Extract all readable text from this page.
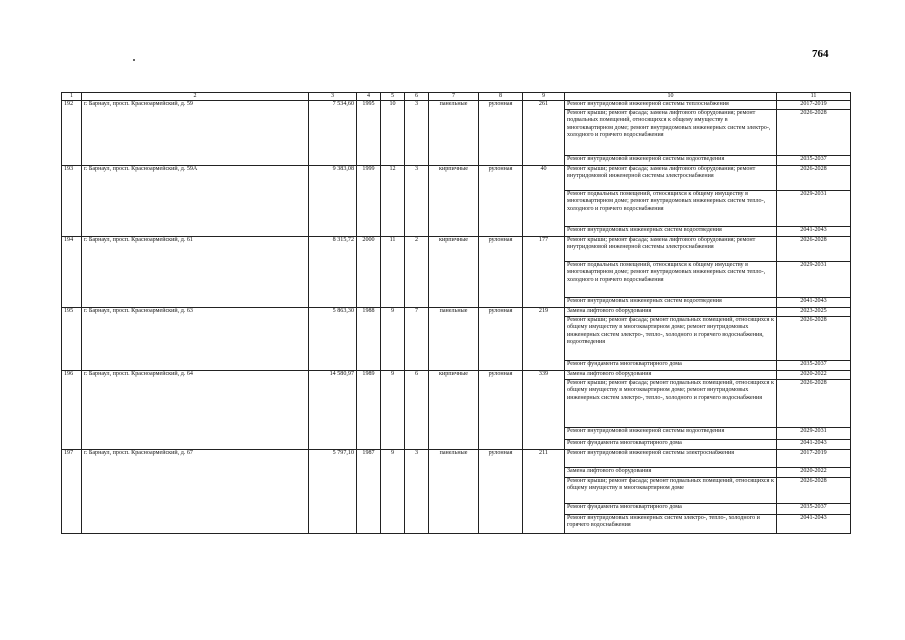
764
1	2	3	4	5	6	7	8	9	10	11
192	г. Барнаул, просп. Красноармейский, д. 59	7 534,60	1995	10	3	панельные	рулонная	261	Ремонт внутридомовой инженерной системы теплоснабжения	2017-2019
									Ремонт крыши; ремонт фасада; замена лифтового оборудования; ремонт подвальных помещений, относящихся к общему имуществу в многоквартирном доме; ремонт внутридомовых инженерных систем электро-, холодного и горячего водоснабжения	2026-2028
									Ремонт внутридомовой инженерной системы водоотведения	2035-2037
193	г. Барнаул, просп. Красноармейский, д. 59А	9 383,08	1999	12	3	кирпичные	рулонная	40	Ремонт крыши; ремонт фасада; замена лифтового оборудования; ремонт внутридомовой инженерной системы электроснабжения	2026-2028
									Ремонт подвальных помещений, относящихся к общему имуществу в многоквартирном доме; ремонт внутридомовых инженерных систем тепло-, холодного и горячего водоснабжения	2029-2031
									Ремонт внутридомовых инженерных систем водоотведения	2041-2043
194	г. Барнаул, просп. Красноармейский, д. 61	8 315,72	2000	11	2	кирпичные	рулонная	177	Ремонт крыши; ремонт фасада; замена лифтового оборудования; ремонт внутридомовой инженерной системы электроснабжения	2026-2028
									Ремонт подвальных помещений, относящихся к общему имуществу в многоквартирном доме; ремонт внутридомовых инженерных систем тепло-, холодного и горячего водоснабжения	2029-2031
									Ремонт внутридомовых инженерных систем водоотведения	2041-2043
195	г. Барнаул, просп. Красноармейский, д. 63	5 863,30	1988	9	7	панельные	рулонная	219	Замена лифтового оборудования	2023-2025
									Ремонт крыши; ремонт фасада; ремонт подвальных помещений, относящихся к общему имуществу в многоквартирном доме; ремонт внутридомовых инженерных систем электро-, тепло-, холодного и горячего водоснабжения, водоотведения	2026-2028
									Ремонт фундамента многоквартирного дома	2035-2037
196	г. Барнаул, просп. Красноармейский, д. 64	14 580,97	1989	9	6	кирпичные	рулонная	339	Замена лифтового оборудования	2020-2022
									Ремонт крыши; ремонт фасада; ремонт подвальных помещений, относящихся к общему имуществу в многоквартирном доме; ремонт внутридомовых инженерных систем электро-, тепло-, холодного и горячего водоснабжения	2026-2028
									Ремонт внутридомовой инженерной системы водоотведения	2029-2031
									Ремонт фундамента многоквартирного дома	2041-2043
197	г. Барнаул, просп. Красноармейский, д. 67	5 797,10	1987	9	3	панельные	рулонная	211	Ремонт внутридомовой инженерной системы электроснабжения	2017-2019
									Замена лифтового оборудования	2020-2022
									Ремонт крыши; ремонт фасада; ремонт подвальных помещений, относящихся к общему имуществу в многоквартирном доме	2026-2028
									Ремонт фундамента многоквартирного дома	2035-2037
									Ремонт внутридомовых инженерных систем электро-, тепло-, холодного и горячего водоснабжения	2041-2043
